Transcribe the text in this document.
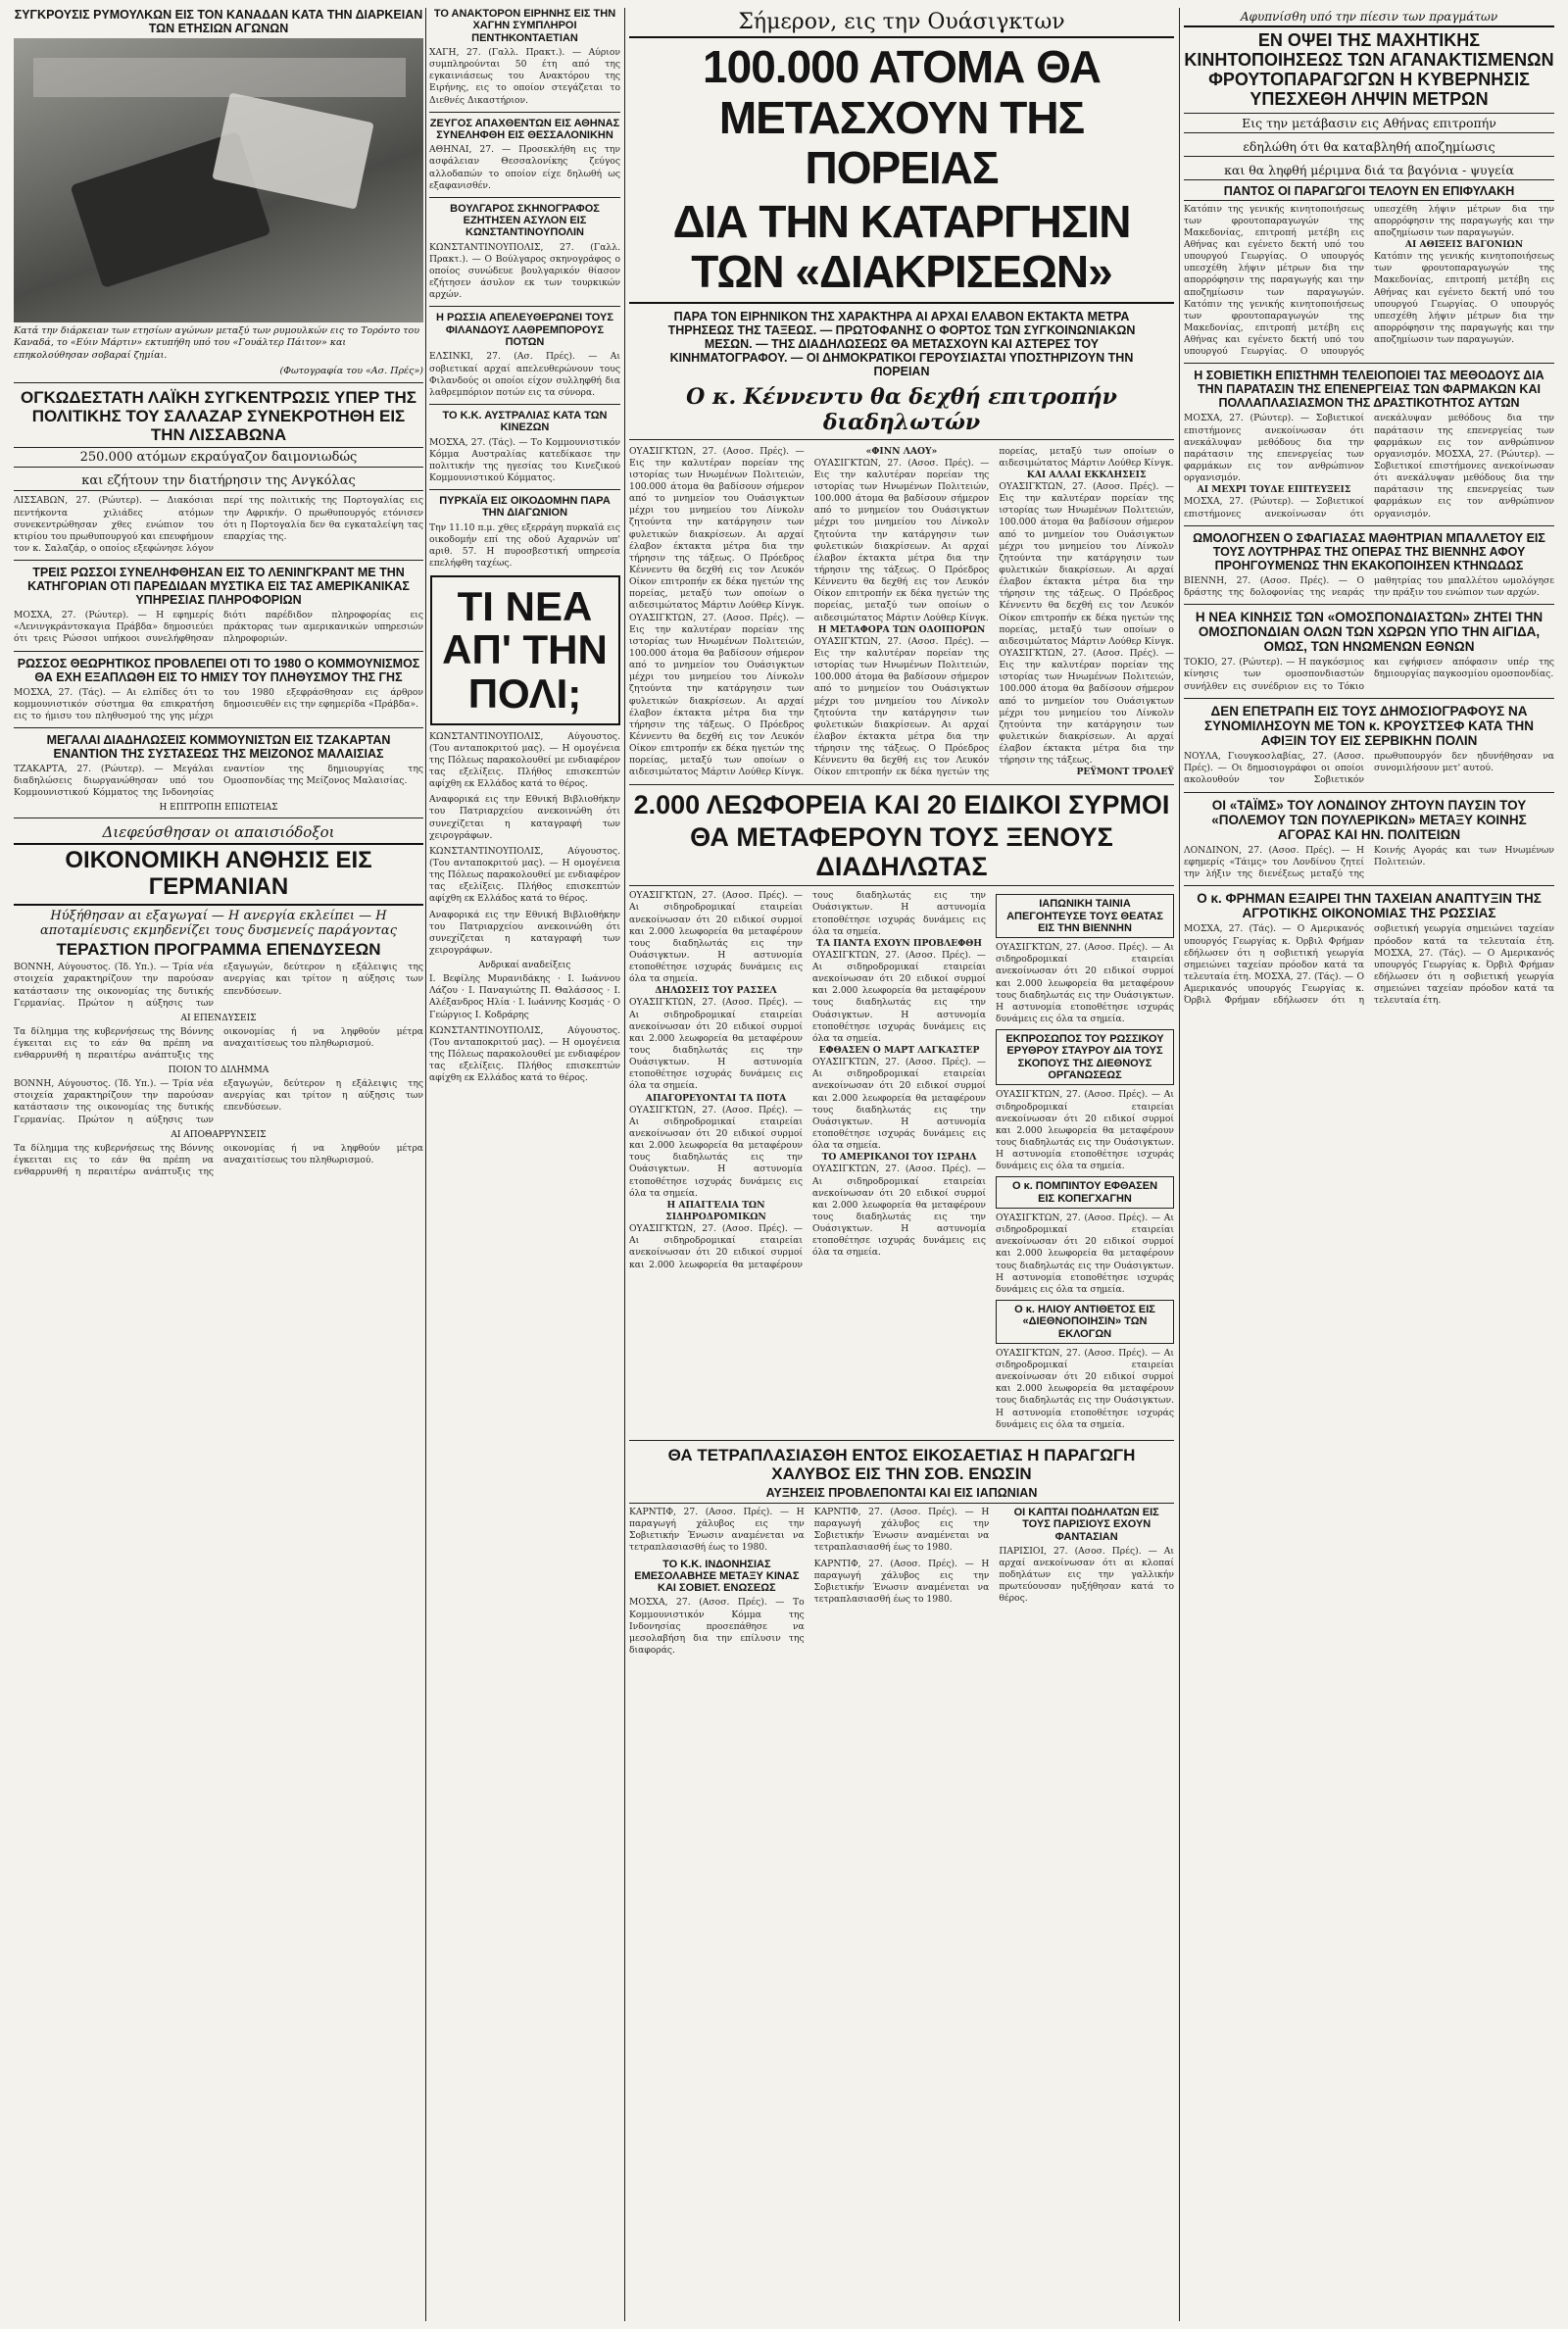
ΣΥΓΚΡΟΥΣΙΣ ΡΥΜΟΥΛΚΩΝ ΕΙΣ ΤΟΝ ΚΑΝΑΔΑΝ ΚΑΤΑ ΤΗΝ ΔΙΑΡΚΕΙΑΝ ΤΩΝ ΕΤΗΣΙΩΝ ΑΓΩΝΩΝ
Κατά την διάρκειαν των ετησίων αγώνων μεταξύ των ρυμουλκών εις το Τορόντο του Καναδά, το «Εύιν Μάρτιν» εκτυπήθη υπό του «Γουάλτερ Πάιτον» και επηκολούθησαν σοβαραί ζημίαι.
(Φωτογραφία του «Ασ. Πρές»)
ΟΓΚΩΔΕΣΤΑΤΗ ΛΑΪΚΗ ΣΥΓΚΕΝΤΡΩΣΙΣ ΥΠΕΡ ΤΗΣ ΠΟΛΙΤΙΚΗΣ ΤΟΥ ΣΑΛΑΖΑΡ ΣΥΝΕΚΡΟΤΗΘΗ ΕΙΣ ΤΗΝ ΛΙΣΣΑΒΩΝΑ
250.000 ατόμων εκραύγαζον δαιμονιωδώς
και εζήτουν την διατήρησιν της Ανγκόλας
ΛΙΣΣΑΒΩΝ, 27. (Ρώυτερ). — Διακόσιαι πεντήκοντα χιλιάδες ατόμων συνεκεντρώθησαν χθες ενώπιον του κτιρίου του πρωθυπουργού και επευφήμουν τον κ. Σαλαζάρ, ο οποίος εξεφώνησε λόγον περί της πολιτικής της Πορτογαλίας εις την Αφρικήν. Ο πρωθυπουργός ετόνισεν ότι η Πορτογαλία δεν θα εγκαταλείψη τας επαρχίας της.
ΤΡΕΙΣ ΡΩΣΣΟΙ ΣΥΝΕΛΗΦΘΗΣΑΝ ΕΙΣ ΤΟ ΛΕΝΙΝΓΚΡΑΝΤ ΜΕ ΤΗΝ ΚΑΤΗΓΟΡΙΑΝ ΟΤΙ ΠΑΡΕΔΙΔΑΝ ΜΥΣΤΙΚΑ ΕΙΣ ΤΑΣ ΑΜΕΡΙΚΑΝΙΚΑΣ ΥΠΗΡΕΣΙΑΣ ΠΛΗΡΟΦΟΡΙΩΝ
ΜΟΣΧΑ, 27. (Ρώυτερ). — Η εφημερίς «Λενινγκράντσκαγια Πράβδα» δημοσιεύει ότι τρεις Ρώσσοι υπήκοοι συνελήφθησαν διότι παρέδιδον πληροφορίας εις πράκτορας των αμερικανικών υπηρεσιών πληροφοριών.
ΡΩΣΣΟΣ ΘΕΩΡΗΤΙΚΟΣ ΠΡΟΒΛΕΠΕΙ ΟΤΙ ΤΟ 1980 Ο ΚΟΜΜΟΥΝΙΣΜΟΣ ΘΑ ΕΧΗ ΕΞΑΠΛΩΘΗ ΕΙΣ ΤΟ ΗΜΙΣΥ ΤΟΥ ΠΛΗΘΥΣΜΟΥ ΤΗΣ ΓΗΣ
ΜΟΣΧΑ, 27. (Τάς). — Αι ελπίδες ότι το κομμουνιστικόν σύστημα θα επικρατήση εις το ήμισυ του πληθυσμού της γης μέχρι του 1980 εξεφράσθησαν εις άρθρον δημοσιευθέν εις την εφημερίδα «Πράβδα».
ΜΕΓΑΛΑΙ ΔΙΑΔΗΛΩΣΕΙΣ ΚΟΜΜΟΥΝΙΣΤΩΝ ΕΙΣ ΤΖΑΚΑΡΤΑΝ ΕΝΑΝΤΙΟΝ ΤΗΣ ΣΥΣΤΑΣΕΩΣ ΤΗΣ ΜΕΙΖΟΝΟΣ ΜΑΛΑΙΣΙΑΣ
ΤΖΑΚΑΡΤΑ, 27. (Ρώυτερ). — Μεγάλαι διαδηλώσεις διωργανώθησαν υπό του Κομμουνιστικού Κόμματος της Ινδονησίας εναντίον της δημιουργίας της Ομοσπονδίας της Μείζονος Μαλαισίας.
Η ΕΠΙΤΡΟΠΗ ΕΠΙΩΤΕΙΑΣ
Διεφεύσθησαν οι απαισιόδοξοι
ΟΙΚΟΝΟΜΙΚΗ ΑΝΘΗΣΙΣ ΕΙΣ ΓΕΡΜΑΝΙΑΝ
Ηύξήθησαν αι εξαγωγαί — Η ανεργία εκλείπει — Η αποταμίευσις εκμηδενίζει τους δυσμενείς παράγοντας
ΤΕΡΑΣΤΙΟΝ ΠΡΟΓΡΑΜΜΑ ΕΠΕΝΔΥΣΕΩΝ
ΒΟΝΝΗ, Αύγουστος. (Ίδ. Υπ.). — Τρία νέα στοιχεία χαρακτηρίζουν την παρούσαν κατάστασιν της οικονομίας της δυτικής Γερμανίας. Πρώτον η αύξησις των εξαγωγών, δεύτερον η εξάλειψις της ανεργίας και τρίτον η αύξησις των επενδύσεων.
ΑΙ ΕΠΕΝΔΥΣΕΙΣ
Τα δίλημμα της κυβερνήσεως της Βόννης έγκειται εις το εάν θα πρέπη να ενθαρρυνθή η περαιτέρω ανάπτυξις της οικονομίας ή να ληφθούν μέτρα αναχαιτίσεως του πληθωρισμού.
ΠΟΙΟΝ ΤΟ ΔΙΛΗΜΜΑ
ΒΟΝΝΗ, Αύγουστος. (Ίδ. Υπ.). — Τρία νέα στοιχεία χαρακτηρίζουν την παρούσαν κατάστασιν της οικονομίας της δυτικής Γερμανίας. Πρώτον η αύξησις των εξαγωγών, δεύτερον η εξάλειψις της ανεργίας και τρίτον η αύξησις των επενδύσεων.
ΑΙ ΑΠΟΘΑΡΡΥΝΣΕΙΣ
Τα δίλημμα της κυβερνήσεως της Βόννης έγκειται εις το εάν θα πρέπη να ενθαρρυνθή η περαιτέρω ανάπτυξις της οικονομίας ή να ληφθούν μέτρα αναχαιτίσεως του πληθωρισμού.
ΤΟ ΑΝΑΚΤΟΡΟΝ ΕΙΡΗΝΗΣ ΕΙΣ ΤΗΝ ΧΑΓΗΝ ΣΥΜΠΛΗΡΟΙ ΠΕΝΤΗΚΟΝΤΑΕΤΙΑΝ
ΧΑΓΗ, 27. (Γαλλ. Πρακτ.). — Αύριον συμπληρούνται 50 έτη από της εγκαινιάσεως του Ανακτόρου της Ειρήνης, εις το οποίον στεγάζεται το Διεθνές Δικαστήριον.
ΖΕΥΓΟΣ ΑΠΑΧΘΕΝΤΩΝ ΕΙΣ ΑΘΗΝΑΣ ΣΥΝΕΛΗΦΘΗ ΕΙΣ ΘΕΣΣΑΛΟΝΙΚΗΝ
ΑΘΗΝΑΙ, 27. — Προσεκλήθη εις την ασφάλειαν Θεσσαλονίκης ζεύγος αλλοδαπών το οποίον είχε δηλωθή ως εξαφανισθέν.
ΒΟΥΛΓΑΡΟΣ ΣΚΗΝΟΓΡΑΦΟΣ ΕΖΗΤΗΣΕΝ ΑΣΥΛΟΝ ΕΙΣ ΚΩΝΣΤΑΝΤΙΝΟΥΠΟΛΙΝ
ΚΩΝΣΤΑΝΤΙΝΟΥΠΟΛΙΣ, 27. (Γαλλ. Πρακτ.). — Ο Βούλγαρος σκηνογράφος ο οποίος συνώδευε βουλγαρικόν θίασον εζήτησεν άσυλον εκ των τουρκικών αρχών.
Η ΡΩΣΣΙΑ ΑΠΕΛΕΥΘΕΡΩΝΕΙ ΤΟΥΣ ΦΙΛΑΝΔΟΥΣ ΛΑΘΡΕΜΠΟΡΟΥΣ ΠΟΤΩΝ
ΕΛΣΙΝΚΙ, 27. (Ασ. Πρές). — Αι σοβιετικαί αρχαί απελευθερώνουν τους Φιλανδούς οι οποίοι είχον συλληφθή δια λαθρεμπόριον ποτών εις τα σύνορα.
ΤΟ Κ.Κ. ΑΥΣΤΡΑΛΙΑΣ ΚΑΤΑ ΤΩΝ ΚΙΝΕΖΩΝ
ΜΟΣΧΑ, 27. (Τάς). — Το Κομμουνιστικόν Κόμμα Αυστραλίας κατεδίκασε την πολιτικήν της ηγεσίας του Κινεζικού Κομμουνιστικού Κόμματος.
ΠΥΡΚΑΪΑ ΕΙΣ ΟΙΚΟΔΟΜΗΝ ΠΑΡΑ ΤΗΝ ΔΙΑΓΩΝΙΟΝ
Την 11.10 π.μ. χθες εξερράγη πυρκαϊά εις οικοδομήν επί της οδού Αχαρνών υπ' αριθ. 57. Η πυροσβεστική υπηρεσία επελήφθη ταχέως.
ΤΙ ΝΕΑ ΑΠ' ΤΗΝ ΠΟΛΙ;
ΚΩΝΣΤΑΝΤΙΝΟΥΠΟΛΙΣ, Αύγουστος. (Του ανταποκριτού μας). — Η ομογένεια της Πόλεως παρακολουθεί με ενδιαφέρον τας εξελίξεις. Πλήθος επισκεπτών αφίχθη εκ Ελλάδος κατά το θέρος.
Αναφορικά εις την Εθνική Βιβλιοθήκην του Πατριαρχείου ανεκοινώθη ότι συνεχίζεται η καταγραφή των χειρογράφων.
ΚΩΝΣΤΑΝΤΙΝΟΥΠΟΛΙΣ, Αύγουστος. (Του ανταποκριτού μας). — Η ομογένεια της Πόλεως παρακολουθεί με ενδιαφέρον τας εξελίξεις. Πλήθος επισκεπτών αφίχθη εκ Ελλάδος κατά το θέρος.
Αναφορικά εις την Εθνική Βιβλιοθήκην του Πατριαρχείου ανεκοινώθη ότι συνεχίζεται η καταγραφή των χειρογράφων.
Ανδρικαί αναδείξεις
Ι. Βεφίλης Μυρανιδάκης · Ι. Ιωάννου Λάζου · Ι. Παναγιώτης Π. Θαλάσσος · Ι. Αλέξανδρος Ηλία · Ι. Ιωάννης Κοσμάς · Ο Γεώργιος Ι. Κοδράρης
ΚΩΝΣΤΑΝΤΙΝΟΥΠΟΛΙΣ, Αύγουστος. (Του ανταποκριτού μας). — Η ομογένεια της Πόλεως παρακολουθεί με ενδιαφέρον τας εξελίξεις. Πλήθος επισκεπτών αφίχθη εκ Ελλάδος κατά το θέρος.
Σήμερον, εις την Ουάσιγκτων
100.000 ΑΤΟΜΑ ΘΑ ΜΕΤΑΣΧΟΥΝ ΤΗΣ ΠΟΡΕΙΑΣ
ΔΙΑ ΤΗΝ ΚΑΤΑΡΓΗΣΙΝ ΤΩΝ «ΔΙΑΚΡΙΣΕΩΝ»
ΠΑΡΑ ΤΟΝ ΕΙΡΗΝΙΚΟΝ ΤΗΣ ΧΑΡΑΚΤΗΡΑ ΑΙ ΑΡΧΑΙ ΕΛΑΒΟΝ ΕΚΤΑΚΤΑ ΜΕΤΡΑ ΤΗΡΗΣΕΩΣ ΤΗΣ ΤΑΞΕΩΣ. — ΠΡΩΤΟΦΑΝΗΣ Ο ΦΟΡΤΟΣ ΤΩΝ ΣΥΓΚΟΙΝΩΝΙΑΚΩΝ ΜΕΣΩΝ. — ΤΗΣ ΔΙΑΔΗΛΩΣΕΩΣ ΘΑ ΜΕΤΑΣΧΟΥΝ ΚΑΙ ΑΣΤΕΡΕΣ ΤΟΥ ΚΙΝΗΜΑΤΟΓΡΑΦΟΥ. — ΟΙ ΔΗΜΟΚΡΑΤΙΚΟΙ ΓΕΡΟΥΣΙΑΣΤΑΙ ΥΠΟΣΤΗΡΙΖΟΥΝ ΤΗΝ ΠΟΡΕΙΑΝ
Ο κ. Κέννεντυ θα δεχθή επιτροπήν διαδηλωτών
ΟΥΑΣΙΓΚΤΩΝ, 27. (Ασοσ. Πρές). — Εις την καλυτέραν πορείαν της ιστορίας των Ηνωμένων Πολιτειών, 100.000 άτομα θα βαδίσουν σήμερον από το μνημείον του Ουάσιγκτων μέχρι του μνημείου του Λίνκολν ζητούντα την κατάργησιν των φυλετικών διακρίσεων. Αι αρχαί έλαβον έκτακτα μέτρα δια την τήρησιν της τάξεως. Ο Πρόεδρος Κέννεντυ θα δεχθή εις τον Λευκόν Οίκον επιτροπήν εκ δέκα ηγετών της πορείας, μεταξύ των οποίων ο αιδεσιμώτατος Μάρτιν Λούθερ Κίνγκ. ΟΥΑΣΙΓΚΤΩΝ, 27. (Ασοσ. Πρές). — Εις την καλυτέραν πορείαν της ιστορίας των Ηνωμένων Πολιτειών, 100.000 άτομα θα βαδίσουν σήμερον από το μνημείον του Ουάσιγκτων μέχρι του μνημείου του Λίνκολν ζητούντα την κατάργησιν των φυλετικών διακρίσεων. Αι αρχαί έλαβον έκτακτα μέτρα δια την τήρησιν της τάξεως. Ο Πρόεδρος Κέννεντυ θα δεχθή εις τον Λευκόν Οίκον επιτροπήν εκ δέκα ηγετών της πορείας, μεταξύ των οποίων ο αιδεσιμώτατος Μάρτιν Λούθερ Κίνγκ.
«ΦΙΝΝ ΛΑΟΥ»
ΟΥΑΣΙΓΚΤΩΝ, 27. (Ασοσ. Πρές). — Εις την καλυτέραν πορείαν της ιστορίας των Ηνωμένων Πολιτειών, 100.000 άτομα θα βαδίσουν σήμερον από το μνημείον του Ουάσιγκτων μέχρι του μνημείου του Λίνκολν ζητούντα την κατάργησιν των φυλετικών διακρίσεων. Αι αρχαί έλαβον έκτακτα μέτρα δια την τήρησιν της τάξεως. Ο Πρόεδρος Κέννεντυ θα δεχθή εις τον Λευκόν Οίκον επιτροπήν εκ δέκα ηγετών της πορείας, μεταξύ των οποίων ο αιδεσιμώτατος Μάρτιν Λούθερ Κίνγκ.
Η ΜΕΤΑΦΟΡΑ ΤΩΝ ΟΔΟΙΠΟΡΩΝ
ΟΥΑΣΙΓΚΤΩΝ, 27. (Ασοσ. Πρές). — Εις την καλυτέραν πορείαν της ιστορίας των Ηνωμένων Πολιτειών, 100.000 άτομα θα βαδίσουν σήμερον από το μνημείον του Ουάσιγκτων μέχρι του μνημείου του Λίνκολν ζητούντα την κατάργησιν των φυλετικών διακρίσεων. Αι αρχαί έλαβον έκτακτα μέτρα δια την τήρησιν της τάξεως. Ο Πρόεδρος Κέννεντυ θα δεχθή εις τον Λευκόν Οίκον επιτροπήν εκ δέκα ηγετών της πορείας, μεταξύ των οποίων ο αιδεσιμώτατος Μάρτιν Λούθερ Κίνγκ.
ΚΑΙ ΑΛΛΑΙ ΕΚΚΛΗΣΕΙΣ
ΟΥΑΣΙΓΚΤΩΝ, 27. (Ασοσ. Πρές). — Εις την καλυτέραν πορείαν της ιστορίας των Ηνωμένων Πολιτειών, 100.000 άτομα θα βαδίσουν σήμερον από το μνημείον του Ουάσιγκτων μέχρι του μνημείου του Λίνκολν ζητούντα την κατάργησιν των φυλετικών διακρίσεων. Αι αρχαί έλαβον έκτακτα μέτρα δια την τήρησιν της τάξεως. Ο Πρόεδρος Κέννεντυ θα δεχθή εις τον Λευκόν Οίκον επιτροπήν εκ δέκα ηγετών της πορείας, μεταξύ των οποίων ο αιδεσιμώτατος Μάρτιν Λούθερ Κίνγκ. ΟΥΑΣΙΓΚΤΩΝ, 27. (Ασοσ. Πρές). — Εις την καλυτέραν πορείαν της ιστορίας των Ηνωμένων Πολιτειών, 100.000 άτομα θα βαδίσουν σήμερον από το μνημείον του Ουάσιγκτων μέχρι του μνημείου του Λίνκολν ζητούντα την κατάργησιν των φυλετικών διακρίσεων. Αι αρχαί έλαβον έκτακτα μέτρα δια την τήρησιν της τάξεως.
ΡΕΫΜΟΝΤ ΤΡΟΛΕΫ
2.000 ΛΕΩΦΟΡΕΙΑ ΚΑΙ 20 ΕΙΔΙΚΟΙ ΣΥΡΜΟΙ
ΘΑ ΜΕΤΑΦΕΡΟΥΝ ΤΟΥΣ ΞΕΝΟΥΣ ΔΙΑΔΗΛΩΤΑΣ
ΟΥΑΣΙΓΚΤΩΝ, 27. (Ασοσ. Πρές). — Αι σιδηροδρομικαί εταιρείαι ανεκοίνωσαν ότι 20 ειδικοί συρμοί και 2.000 λεωφορεία θα μεταφέρουν τους διαδηλωτάς εις την Ουάσιγκτων. Η αστυνομία ετοποθέτησε ισχυράς δυνάμεις εις όλα τα σημεία.
ΔΗΛΩΣΕΙΣ ΤΟΥ ΡΑΣΣΕΛ
ΟΥΑΣΙΓΚΤΩΝ, 27. (Ασοσ. Πρές). — Αι σιδηροδρομικαί εταιρείαι ανεκοίνωσαν ότι 20 ειδικοί συρμοί και 2.000 λεωφορεία θα μεταφέρουν τους διαδηλωτάς εις την Ουάσιγκτων. Η αστυνομία ετοποθέτησε ισχυράς δυνάμεις εις όλα τα σημεία.
ΑΠΑΓΟΡΕΥΟΝΤΑΙ ΤΑ ΠΟΤΑ
ΟΥΑΣΙΓΚΤΩΝ, 27. (Ασοσ. Πρές). — Αι σιδηροδρομικαί εταιρείαι ανεκοίνωσαν ότι 20 ειδικοί συρμοί και 2.000 λεωφορεία θα μεταφέρουν τους διαδηλωτάς εις την Ουάσιγκτων. Η αστυνομία ετοποθέτησε ισχυράς δυνάμεις εις όλα τα σημεία.
Η ΑΠΑΓΓΕΛΙΑ ΤΩΝ ΣΙΔΗΡΟΔΡΟΜΙΚΩΝ
ΟΥΑΣΙΓΚΤΩΝ, 27. (Ασοσ. Πρές). — Αι σιδηροδρομικαί εταιρείαι ανεκοίνωσαν ότι 20 ειδικοί συρμοί και 2.000 λεωφορεία θα μεταφέρουν τους διαδηλωτάς εις την Ουάσιγκτων. Η αστυνομία ετοποθέτησε ισχυράς δυνάμεις εις όλα τα σημεία.
ΤΑ ΠΑΝΤΑ ΕΧΟΥΝ ΠΡΟΒΛΕΦΘΗ
ΟΥΑΣΙΓΚΤΩΝ, 27. (Ασοσ. Πρές). — Αι σιδηροδρομικαί εταιρείαι ανεκοίνωσαν ότι 20 ειδικοί συρμοί και 2.000 λεωφορεία θα μεταφέρουν τους διαδηλωτάς εις την Ουάσιγκτων. Η αστυνομία ετοποθέτησε ισχυράς δυνάμεις εις όλα τα σημεία.
ΕΦΘΑΣΕΝ Ο ΜΑΡΤ ΛΑΓΚΑΣΤΕΡ
ΟΥΑΣΙΓΚΤΩΝ, 27. (Ασοσ. Πρές). — Αι σιδηροδρομικαί εταιρείαι ανεκοίνωσαν ότι 20 ειδικοί συρμοί και 2.000 λεωφορεία θα μεταφέρουν τους διαδηλωτάς εις την Ουάσιγκτων. Η αστυνομία ετοποθέτησε ισχυράς δυνάμεις εις όλα τα σημεία.
ΤΟ ΑΜΕΡΙΚΑΝΟΙ ΤΟΥ ΙΣΡΑΗΛ
ΟΥΑΣΙΓΚΤΩΝ, 27. (Ασοσ. Πρές). — Αι σιδηροδρομικαί εταιρείαι ανεκοίνωσαν ότι 20 ειδικοί συρμοί και 2.000 λεωφορεία θα μεταφέρουν τους διαδηλωτάς εις την Ουάσιγκτων. Η αστυνομία ετοποθέτησε ισχυράς δυνάμεις εις όλα τα σημεία.
ΙΑΠΩΝΙΚΗ ΤΑΙΝΙΑ ΑΠΕΓΟΗΤΕΥΣΕ ΤΟΥΣ ΘΕΑΤΑΣ ΕΙΣ ΤΗΝ ΒΙΕΝΝΗΝ
ΟΥΑΣΙΓΚΤΩΝ, 27. (Ασοσ. Πρές). — Αι σιδηροδρομικαί εταιρείαι ανεκοίνωσαν ότι 20 ειδικοί συρμοί και 2.000 λεωφορεία θα μεταφέρουν τους διαδηλωτάς εις την Ουάσιγκτων. Η αστυνομία ετοποθέτησε ισχυράς δυνάμεις εις όλα τα σημεία.
ΕΚΠΡΟΣΩΠΟΣ ΤΟΥ ΡΩΣΣΙΚΟΥ ΕΡΥΘΡΟΥ ΣΤΑΥΡΟΥ ΔΙΑ ΤΟΥΣ ΣΚΟΠΟΥΣ ΤΗΣ ΔΙΕΘΝΟΥΣ ΟΡΓΑΝΩΣΕΩΣ
ΟΥΑΣΙΓΚΤΩΝ, 27. (Ασοσ. Πρές). — Αι σιδηροδρομικαί εταιρείαι ανεκοίνωσαν ότι 20 ειδικοί συρμοί και 2.000 λεωφορεία θα μεταφέρουν τους διαδηλωτάς εις την Ουάσιγκτων. Η αστυνομία ετοποθέτησε ισχυράς δυνάμεις εις όλα τα σημεία.
Ο κ. ΠΟΜΠΙΝΤΟΥ ΕΦΘΑΣΕΝ ΕΙΣ ΚΟΠΕΓΧΑΓΗΝ
ΟΥΑΣΙΓΚΤΩΝ, 27. (Ασοσ. Πρές). — Αι σιδηροδρομικαί εταιρείαι ανεκοίνωσαν ότι 20 ειδικοί συρμοί και 2.000 λεωφορεία θα μεταφέρουν τους διαδηλωτάς εις την Ουάσιγκτων. Η αστυνομία ετοποθέτησε ισχυράς δυνάμεις εις όλα τα σημεία.
Ο κ. ΗΛΙΟΥ ΑΝΤΙΘΕΤΟΣ ΕΙΣ «ΔΙΕΘΝΟΠΟΙΗΣΙΝ» ΤΩΝ ΕΚΛΟΓΩΝ
ΟΥΑΣΙΓΚΤΩΝ, 27. (Ασοσ. Πρές). — Αι σιδηροδρομικαί εταιρείαι ανεκοίνωσαν ότι 20 ειδικοί συρμοί και 2.000 λεωφορεία θα μεταφέρουν τους διαδηλωτάς εις την Ουάσιγκτων. Η αστυνομία ετοποθέτησε ισχυράς δυνάμεις εις όλα τα σημεία.
ΘΑ ΤΕΤΡΑΠΛΑΣΙΑΣΘΗ ΕΝΤΟΣ ΕΙΚΟΣΑΕΤΙΑΣ Η ΠΑΡΑΓΩΓΗ ΧΑΛΥΒΟΣ ΕΙΣ ΤΗΝ ΣΟΒ. ΕΝΩΣΙΝ
ΑΥΞΗΣΕΙΣ ΠΡΟΒΛΕΠΟΝΤΑΙ ΚΑΙ ΕΙΣ ΙΑΠΩΝΙΑΝ
ΚΑΡΝΤΙΦ, 27. (Ασοσ. Πρές). — Η παραγωγή χάλυβος εις την Σοβιετικήν Ένωσιν αναμένεται να τετραπλασιασθή έως το 1980.
ΤΟ Κ.Κ. ΙΝΔΟΝΗΣΙΑΣ ΕΜΕΣΟΛΑΒΗΣΕ ΜΕΤΑΞΥ ΚΙΝΑΣ ΚΑΙ ΣΟΒΙΕΤ. ΕΝΩΣΕΩΣ
ΜΟΣΧΑ, 27. (Ασοσ. Πρές). — Το Κομμουνιστικόν Κόμμα της Ινδονησίας προσεπάθησε να μεσολαβήση δια την επίλυσιν της διαφοράς.
ΚΑΡΝΤΙΦ, 27. (Ασοσ. Πρές). — Η παραγωγή χάλυβος εις την Σοβιετικήν Ένωσιν αναμένεται να τετραπλασιασθή έως το 1980.
ΚΑΡΝΤΙΦ, 27. (Ασοσ. Πρές). — Η παραγωγή χάλυβος εις την Σοβιετικήν Ένωσιν αναμένεται να τετραπλασιασθή έως το 1980.
ΟΙ ΚΑΠΤΑΙ ΠΟΔΗΛΑΤΩΝ ΕΙΣ ΤΟΥΣ ΠΑΡΙΣΙΟΥΣ ΕΧΟΥΝ ΦΑΝΤΑΣΙΑΝ
ΠΑΡΙΣΙΟΙ, 27. (Ασοσ. Πρές). — Αι αρχαί ανεκοίνωσαν ότι αι κλοπαί ποδηλάτων εις την γαλλικήν πρωτεύουσαν ηυξήθησαν κατά το θέρος.
Αφυπνίσθη υπό την πίεσιν των πραγμάτων
ΕΝ ΟΨΕΙ ΤΗΣ ΜΑΧΗΤΙΚΗΣ ΚΙΝΗΤΟΠΟΙΗΣΕΩΣ ΤΩΝ ΑΓΑΝΑΚΤΙΣΜΕΝΩΝ ΦΡΟΥΤΟΠΑΡΑΓΩΓΩΝ Η ΚΥΒΕΡΝΗΣΙΣ ΥΠΕΣΧΕΘΗ ΛΗΨΙΝ ΜΕΤΡΩΝ
Εις την μετάβασιν εις Αθήνας επιτροπήν
εδηλώθη ότι θα καταβληθή αποζημίωσις
και θα ληφθή μέριμνα διά τα βαγόνια - ψυγεία
ΠΑΝΤΟΣ ΟΙ ΠΑΡΑΓΩΓΟΙ ΤΕΛΟΥΝ ΕΝ ΕΠΙΦΥΛΑΚΗ
Κατόπιν της γενικής κινητοποιήσεως των φρουτοπαραγωγών της Μακεδονίας, επιτροπή μετέβη εις Αθήνας και εγένετο δεκτή υπό του υπουργού Γεωργίας. Ο υπουργός υπεσχέθη λήψιν μέτρων δια την απορρόφησιν της παραγωγής και την αποζημίωσιν των παραγωγών. Κατόπιν της γενικής κινητοποιήσεως των φρουτοπαραγωγών της Μακεδονίας, επιτροπή μετέβη εις Αθήνας και εγένετο δεκτή υπό του υπουργού Γεωργίας. Ο υπουργός υπεσχέθη λήψιν μέτρων δια την απορρόφησιν της παραγωγής και την αποζημίωσιν των παραγωγών.
ΑΙ ΑΘΙΞΕΙΣ ΒΑΓΟΝΙΩΝ
Κατόπιν της γενικής κινητοποιήσεως των φρουτοπαραγωγών της Μακεδονίας, επιτροπή μετέβη εις Αθήνας και εγένετο δεκτή υπό του υπουργού Γεωργίας. Ο υπουργός υπεσχέθη λήψιν μέτρων δια την απορρόφησιν της παραγωγής και την αποζημίωσιν των παραγωγών.
Η ΣΟΒΙΕΤΙΚΗ ΕΠΙΣΤΗΜΗ ΤΕΛΕΙΟΠΟΙΕΙ ΤΑΣ ΜΕΘΟΔΟΥΣ ΔΙΑ ΤΗΝ ΠΑΡΑΤΑΣΙΝ ΤΗΣ ΕΠΕΝΕΡΓΕΙΑΣ ΤΩΝ ΦΑΡΜΑΚΩΝ ΚΑΙ ΠΟΛΛΑΠΛΑΣΙΑΣΜΟΝ ΤΗΣ ΔΡΑΣΤΙΚΟΤΗΤΟΣ ΑΥΤΩΝ
ΜΟΣΧΑ, 27. (Ρώυτερ). — Σοβιετικοί επιστήμονες ανεκοίνωσαν ότι ανεκάλυψαν μεθόδους δια την παράτασιν της επενεργείας των φαρμάκων εις τον ανθρώπινον οργανισμόν.
ΑΙ ΜΕΧΡΙ ΤΟΥΔΕ ΕΠΙΤΕΥΞΕΙΣ
ΜΟΣΧΑ, 27. (Ρώυτερ). — Σοβιετικοί επιστήμονες ανεκοίνωσαν ότι ανεκάλυψαν μεθόδους δια την παράτασιν της επενεργείας των φαρμάκων εις τον ανθρώπινον οργανισμόν. ΜΟΣΧΑ, 27. (Ρώυτερ). — Σοβιετικοί επιστήμονες ανεκοίνωσαν ότι ανεκάλυψαν μεθόδους δια την παράτασιν της επενεργείας των φαρμάκων εις τον ανθρώπινον οργανισμόν.
ΩΜΟΛΟΓΗΣΕΝ Ο ΣΦΑΓΙΑΣΑΣ ΜΑΘΗΤΡΙΑΝ ΜΠΑΛΛΕΤΟΥ ΕΙΣ ΤΟΥΣ ΛΟΥΤΡΗΡΑΣ ΤΗΣ ΟΠΕΡΑΣ ΤΗΣ ΒΙΕΝΝΗΣ ΑΦΟΥ ΠΡΟΗΓΟΥΜΕΝΩΣ ΤΗΝ ΕΚΑΚΟΠΟΙΗΣΕΝ ΚΤΗΝΩΔΩΣ
ΒΙΕΝΝΗ, 27. (Ασοσ. Πρές). — Ο δράστης της δολοφονίας της νεαράς μαθητρίας του μπαλλέτου ωμολόγησε την πράξιν του ενώπιον των αρχών.
Η ΝΕΑ ΚΙΝΗΣΙΣ ΤΩΝ «ΟΜΟΣΠΟΝΔΙΑΣΤΩΝ» ΖΗΤΕΙ ΤΗΝ ΟΜΟΣΠΟΝΔΙΑΝ ΟΛΩΝ ΤΩΝ ΧΩΡΩΝ ΥΠΟ ΤΗΝ ΑΙΓΙΔΑ, ΟΜΩΣ, ΤΩΝ ΗΝΩΜΕΝΩΝ ΕΘΝΩΝ
ΤΟΚΙΟ, 27. (Ρώυτερ). — Η παγκόσμιος κίνησις των ομοσπονδιαστών συνήλθεν εις συνέδριον εις το Τόκιο και εψήφισεν απόφασιν υπέρ της δημιουργίας παγκοσμίου ομοσπονδίας.
ΔΕΝ ΕΠΕΤΡΑΠΗ ΕΙΣ ΤΟΥΣ ΔΗΜΟΣΙΟΓΡΑΦΟΥΣ ΝΑ ΣΥΝΟΜΙΛΗΣΟΥΝ ΜΕ ΤΟΝ κ. ΚΡΟΥΣΤΣΕΦ ΚΑΤΑ ΤΗΝ ΑΦΙΞΙΝ ΤΟΥ ΕΙΣ ΣΕΡΒΙΚΗΝ ΠΟΛΙΝ
ΝΟΥΛΑ, Γιουγκοσλαβίας, 27. (Ασοσ. Πρές). — Οι δημοσιογράφοι οι οποίοι ακολουθούν τον Σοβιετικόν πρωθυπουργόν δεν ηδυνήθησαν να συνομιλήσουν μετ' αυτού.
ΟΙ «ΤΑΪΜΣ» ΤΟΥ ΛΟΝΔΙΝΟΥ ΖΗΤΟΥΝ ΠΑΥΣΙΝ ΤΟΥ «ΠΟΛΕΜΟΥ ΤΩΝ ΠΟΥΛΕΡΙΚΩΝ» ΜΕΤΑΞΥ ΚΟΙΝΗΣ ΑΓΟΡΑΣ ΚΑΙ ΗΝ. ΠΟΛΙΤΕΙΩΝ
ΛΟΝΔΙΝΟΝ, 27. (Ασοσ. Πρές). — Η εφημερίς «Τάιμς» του Λονδίνου ζητεί την λήξιν της διενέξεως μεταξύ της Κοινής Αγοράς και των Ηνωμένων Πολιτειών.
Ο κ. ΦΡΗΜΑΝ ΕΞΑΙΡΕΙ ΤΗΝ ΤΑΧΕΙΑΝ ΑΝΑΠΤΥΞΙΝ ΤΗΣ ΑΓΡΟΤΙΚΗΣ ΟΙΚΟΝΟΜΙΑΣ ΤΗΣ ΡΩΣΣΙΑΣ
ΜΟΣΧΑ, 27. (Τάς). — Ο Αμερικανός υπουργός Γεωργίας κ. Όρβιλ Φρήμαν εδήλωσεν ότι η σοβιετική γεωργία σημειώνει ταχείαν πρόοδον κατά τα τελευταία έτη. ΜΟΣΧΑ, 27. (Τάς). — Ο Αμερικανός υπουργός Γεωργίας κ. Όρβιλ Φρήμαν εδήλωσεν ότι η σοβιετική γεωργία σημειώνει ταχείαν πρόοδον κατά τα τελευταία έτη. ΜΟΣΧΑ, 27. (Τάς). — Ο Αμερικανός υπουργός Γεωργίας κ. Όρβιλ Φρήμαν εδήλωσεν ότι η σοβιετική γεωργία σημειώνει ταχείαν πρόοδον κατά τα τελευταία έτη.
